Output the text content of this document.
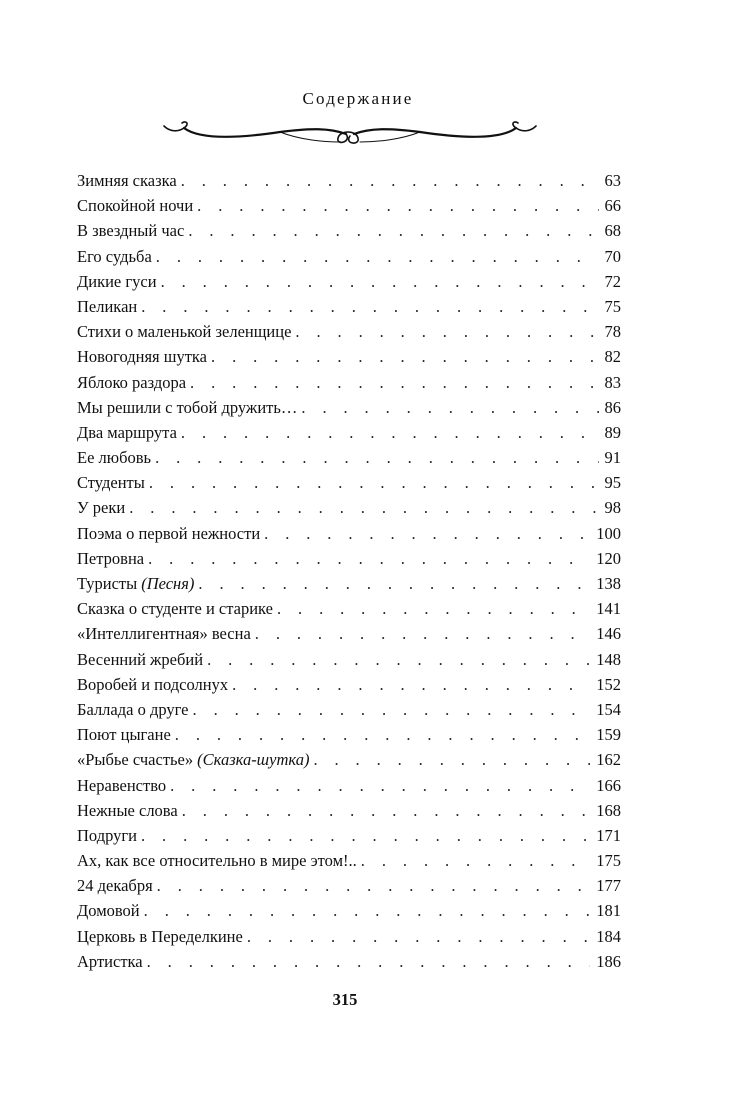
Содержание
Зимняя сказка . . .	63
Спокойной ночи . . .	66
В звездный час . . .	68
Его судьба . . .	70
Дикие гуси . . .	72
Пеликан . . .	75
Стихи о маленькой зеленщице . . .	78
Новогодняя шутка . . .	82
Яблоко раздора . . .	83
Мы решили с тобой дружить… . . .	86
Два маршрута . . .	89
Ее любовь . . .	91
Студенты . . .	95
У реки . . .	98
Поэма о первой нежности . . .	100
Петровна . . .	120
Туристы (Песня) . . .	138
Сказка о студенте и старике . . .	141
«Интеллигентная» весна . . .	146
Весенний жребий . . .	148
Воробей и подсолнух . . .	152
Баллада о друге . . .	154
Поют цыгане . . .	159
«Рыбье счастье» (Сказка-шутка) . . .	162
Неравенство . . .	166
Нежные слова . . .	168
Подруги . . .	171
Ах, как все относительно в мире этом!.. . . .	175
24 декабря . . .	177
Домовой . . .	181
Церковь в Переделкине . . .	184
Артистка . . .	186
315
